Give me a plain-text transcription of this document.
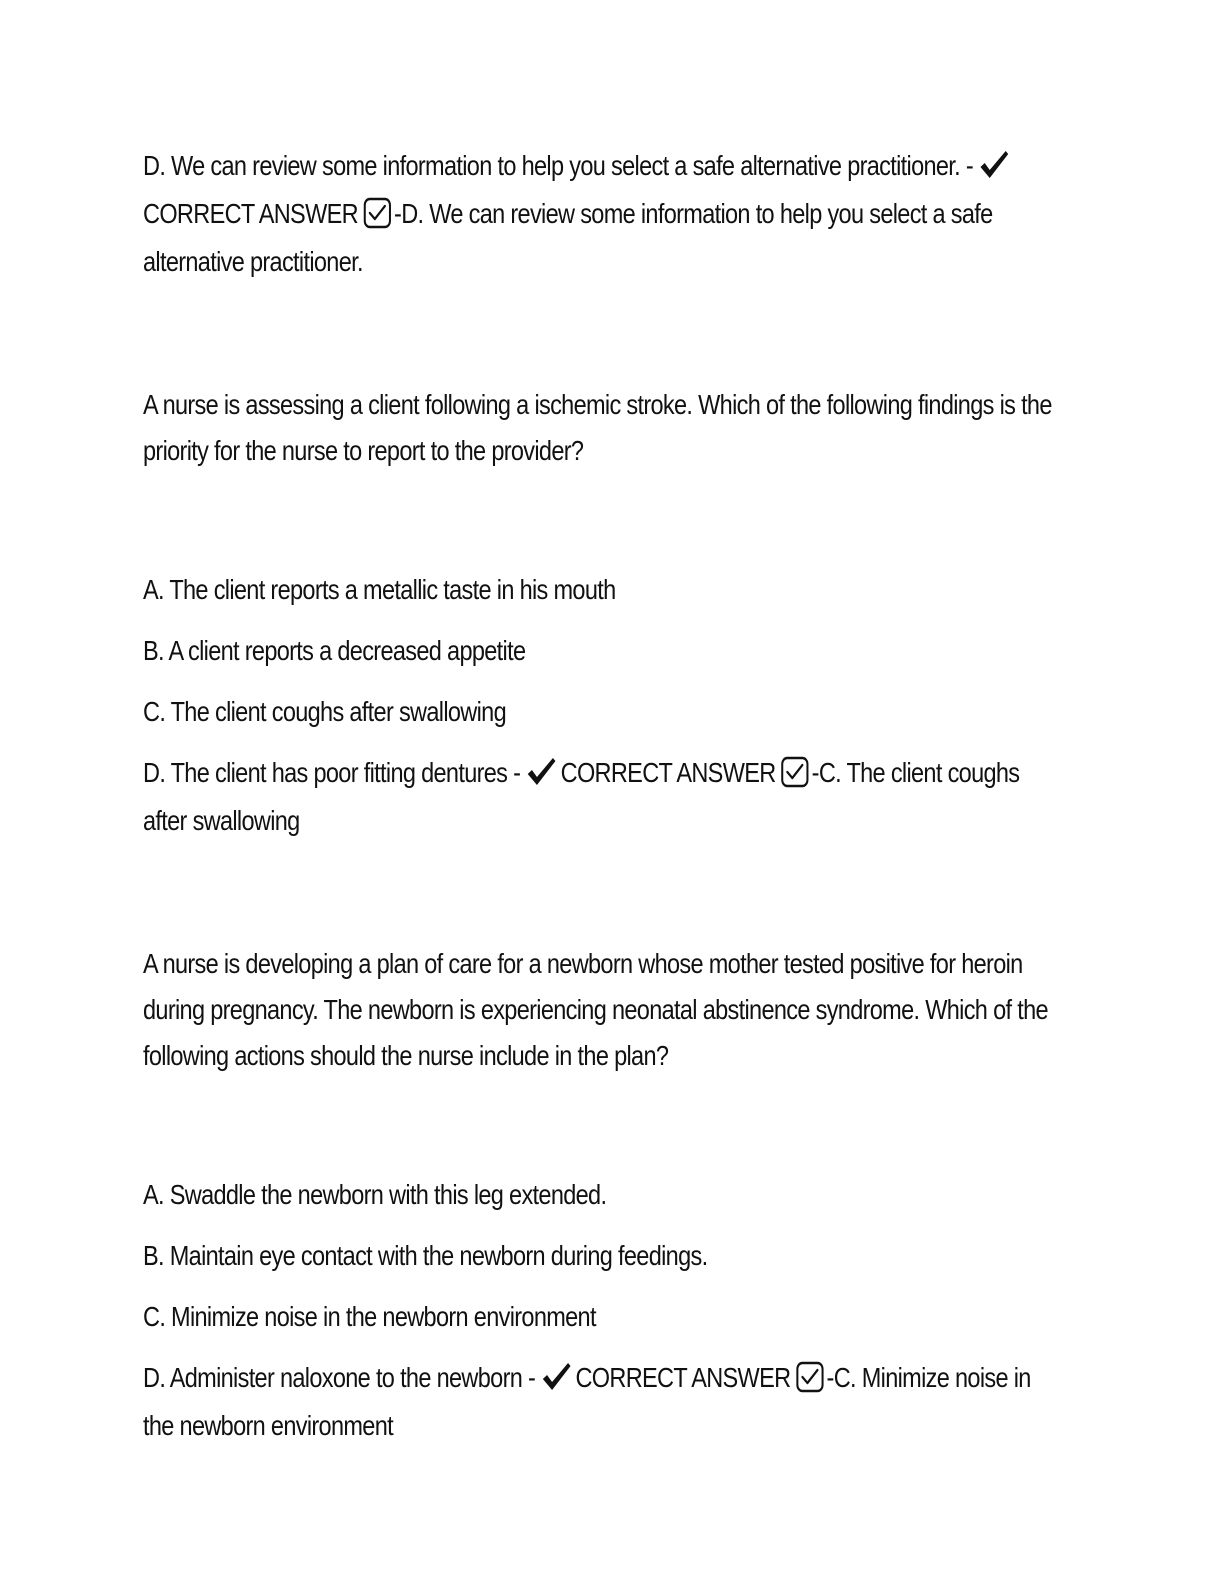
D. We can review some information to help you select a safe alternative practitioner. -CORRECT ANSWER -D. We can review some information to help you select a safe alternative practitioner.

A nurse is assessing a client following a ischemic stroke. Which of the following findings is the priority for the nurse to report to the provider?

A. The client reports a metallic taste in his mouth

B. A client reports a decreased appetite

C. The client coughs after swallowing

D. The client has poor fitting dentures - CORRECT ANSWER -C. The client coughs after swallowing

A nurse is developing a plan of care for a newborn whose mother tested positive for heroin during pregnancy. The newborn is experiencing neonatal abstinence syndrome. Which of the following actions should the nurse include in the plan?

A. Swaddle the newborn with this leg extended.

B. Maintain eye contact with the newborn during feedings.

C. Minimize noise in the newborn environment

D. Administer naloxone to the newborn - CORRECT ANSWER -C. Minimize noise in the newborn environment
